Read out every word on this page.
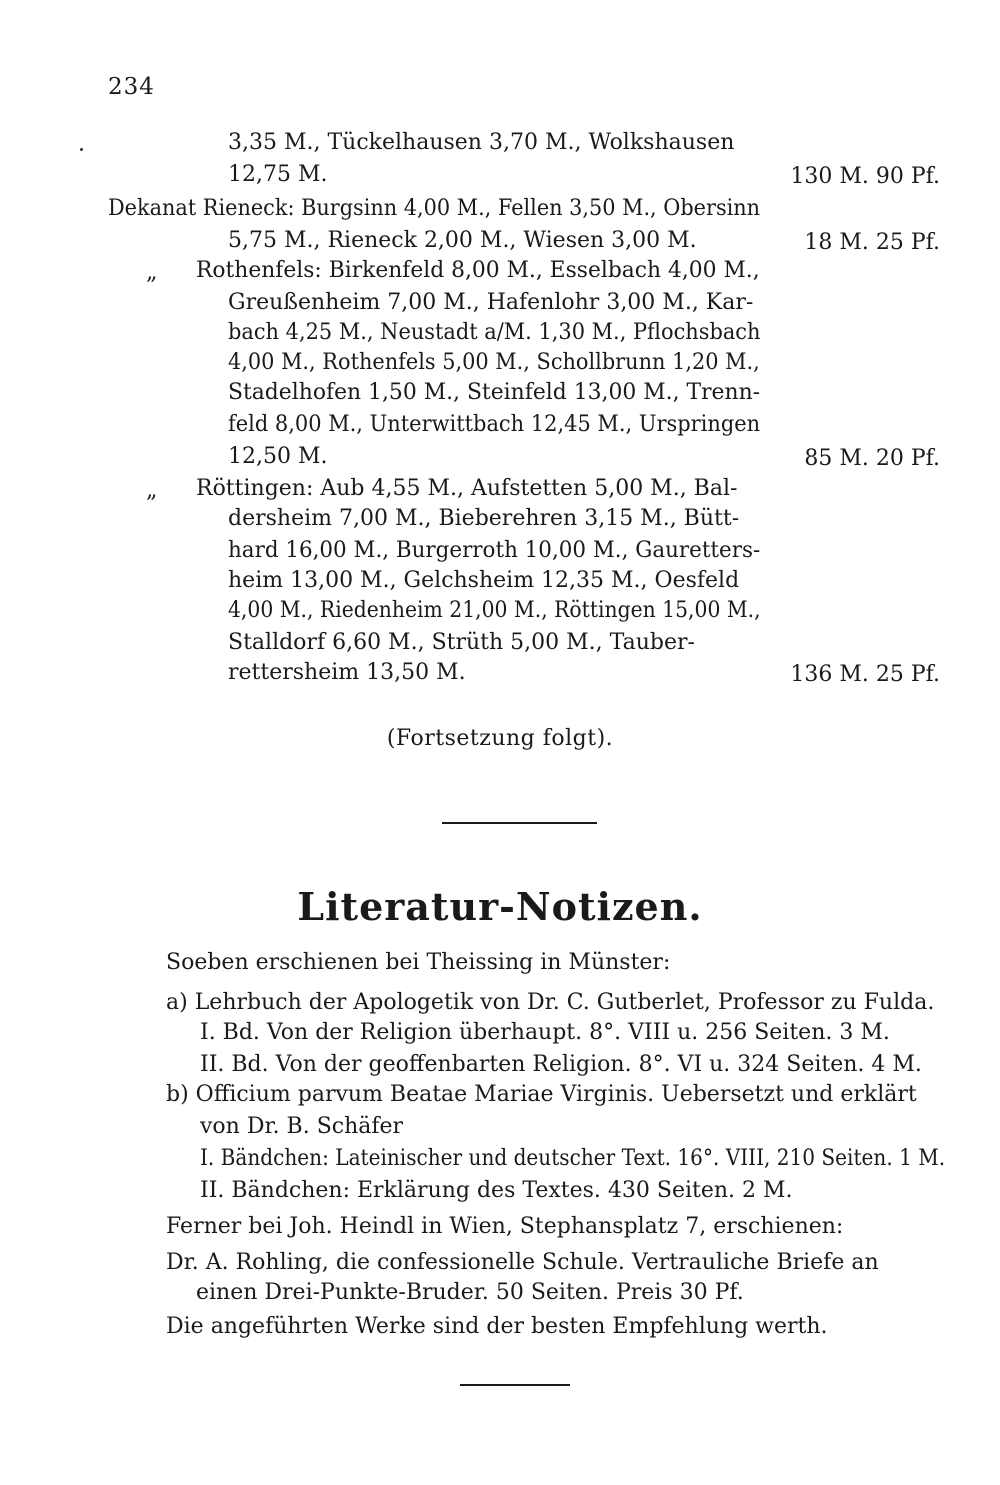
234
3,35 M., Tückelhausen 3,70 M., Wolkshausen
12,75 M.	130 M. 90 Pf.
Dekanat Rieneck: Burgsinn 4,00 M., Fellen 3,50 M., Obersinn
5,75 M., Rieneck 2,00 M., Wiesen 3,00 M.	18 M. 25 Pf.
„ Rothenfels: Birkenfeld 8,00 M., Esselbach 4,00 M.,
Greußenheim 7,00 M., Hafenlohr 3,00 M., Kar-
bach 4,25 M., Neustadt a/M. 1,30 M., Pflochsbach
4,00 M., Rothenfels 5,00 M., Schollbrunn 1,20 M.,
Stadelhofen 1,50 M., Steinfeld 13,00 M., Trenn-
feld 8,00 M., Unterwittbach 12,45 M., Urspringen
12,50 M.	85 M. 20 Pf.
„ Röttingen: Aub 4,55 M., Aufstetten 5,00 M., Bal-
dersheim 7,00 M., Bieberehren 3,15 M., Bütt-
hard 16,00 M., Burgerroth 10,00 M., Gauretters-
heim 13,00 M., Gelchsheim 12,35 M., Oesfeld
4,00 M., Riedenheim 21,00 M., Röttingen 15,00 M.,
Stalldorf 6,60 M., Strüth 5,00 M., Tauber-
rettersheim 13,50 M.	136 M. 25 Pf.
(Fortsetzung folgt).
Literatur-Notizen.
Soeben erschienen bei Theissing in Münster:
a) Lehrbuch der Apologetik von Dr. C. Gutberlet, Professor zu Fulda.
I. Bd. Von der Religion überhaupt. 8°. VIII u. 256 Seiten. 3 M.
II. Bd. Von der geoffenbarten Religion. 8°. VI u. 324 Seiten. 4 M.
b) Officium parvum Beatae Mariae Virginis. Uebersetzt und erklärt
von Dr. B. Schäfer
I. Bändchen: Lateinischer und deutscher Text. 16°. VIII, 210 Seiten. 1 M.
II. Bändchen: Erklärung des Textes. 430 Seiten. 2 M.
Ferner bei Joh. Heindl in Wien, Stephansplatz 7, erschienen:
Dr. A. Rohling, die confessionelle Schule. Vertrauliche Briefe an
einen Drei-Punkte-Bruder. 50 Seiten. Preis 30 Pf.
Die angeführten Werke sind der besten Empfehlung werth.
